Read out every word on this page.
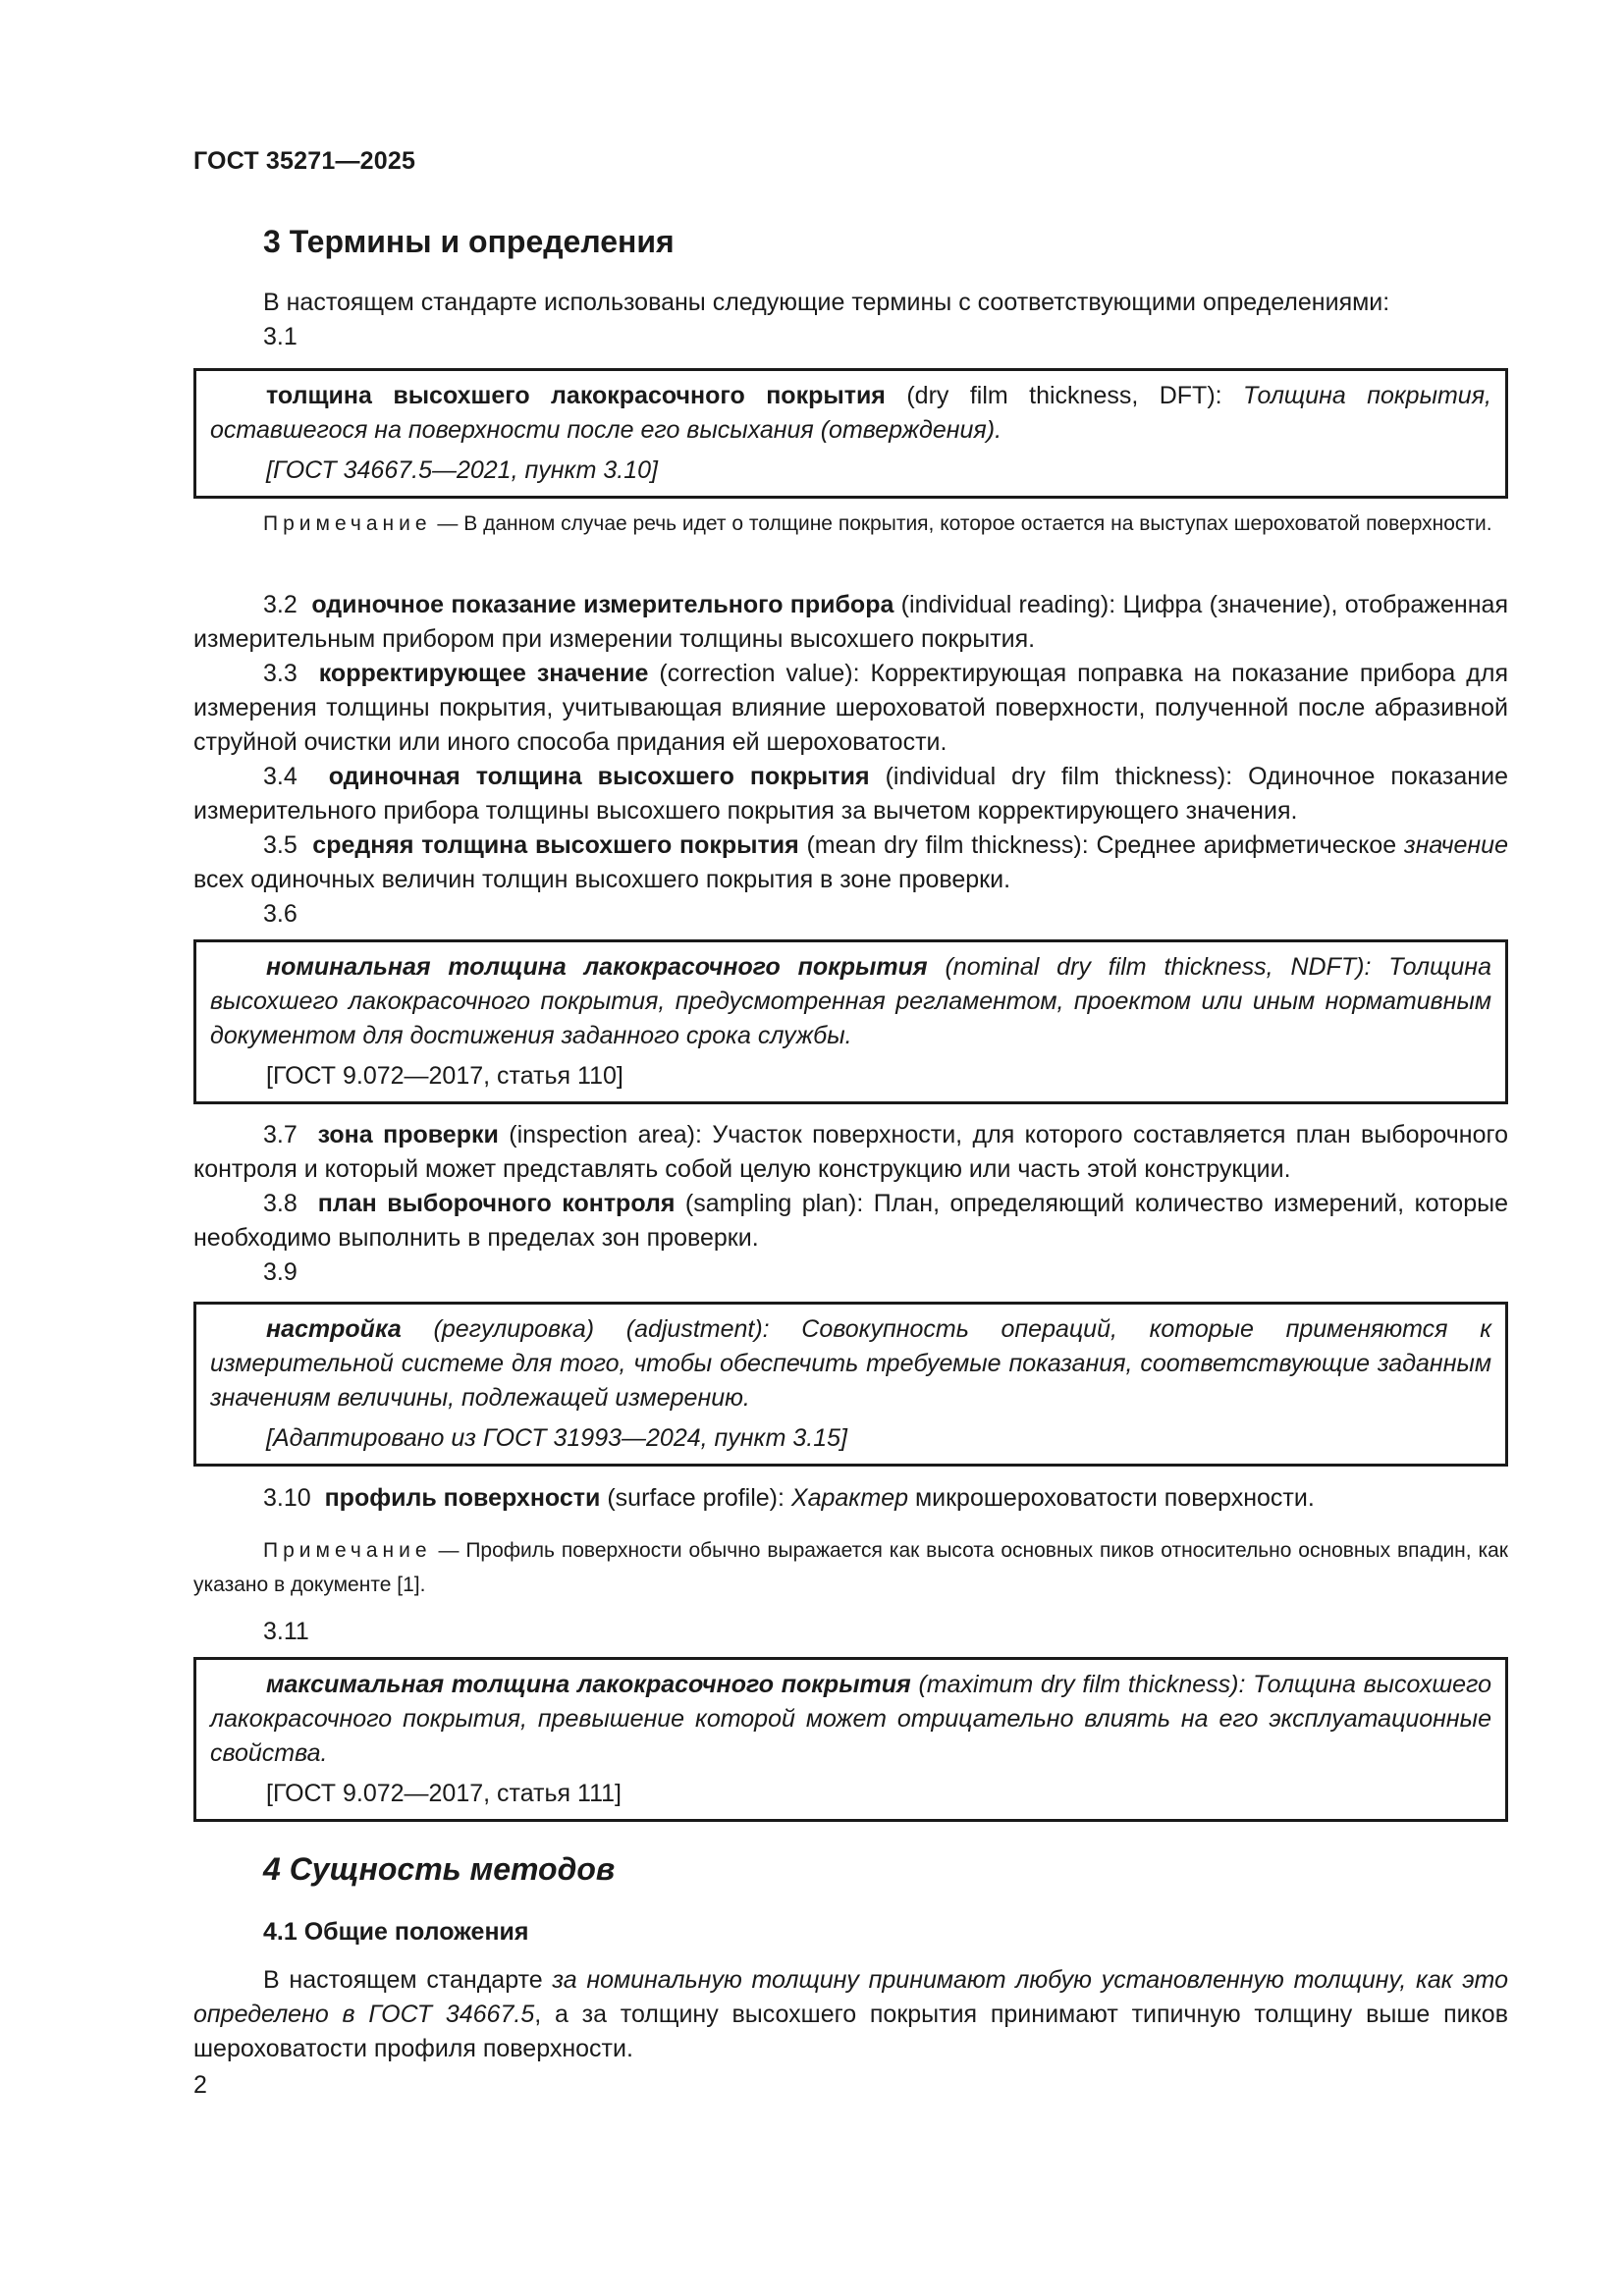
ГОСТ 35271—2025
3 Термины и определения
В настоящем стандарте использованы следующие термины с соответствующими определениями:
3.1
толщина высохшего лакокрасочного покрытия (dry film thickness, DFT): Толщина покрытия, оставшегося на поверхности после его высыхания (отверждения).
[ГОСТ 34667.5—2021, пункт 3.10]
Примечание — В данном случае речь идет о толщине покрытия, которое остается на выступах шероховатой поверхности.
3.2 одиночное показание измерительного прибора (individual reading): Цифра (значение), отображенная измерительным прибором при измерении толщины высохшего покрытия.
3.3 корректирующее значение (correction value): Корректирующая поправка на показание прибора для измерения толщины покрытия, учитывающая влияние шероховатой поверхности, полученной после абразивной струйной очистки или иного способа придания ей шероховатости.
3.4 одиночная толщина высохшего покрытия (individual dry film thickness): Одиночное показание измерительного прибора толщины высохшего покрытия за вычетом корректирующего значения.
3.5 средняя толщина высохшего покрытия (mean dry film thickness): Среднее арифметическое значение всех одиночных величин толщин высохшего покрытия в зоне проверки.
3.6
номинальная толщина лакокрасочного покрытия (nominal dry film thickness, NDFT): Толщина высохшего лакокрасочного покрытия, предусмотренная регламентом, проектом или иным нормативным документом для достижения заданного срока службы.
[ГОСТ 9.072—2017, статья 110]
3.7 зона проверки (inspection area): Участок поверхности, для которого составляется план выборочного контроля и который может представлять собой целую конструкцию или часть этой конструкции.
3.8 план выборочного контроля (sampling plan): План, определяющий количество измерений, которые необходимо выполнить в пределах зон проверки.
3.9
настройка (регулировка) (adjustment): Совокупность операций, которые применяются к измерительной системе для того, чтобы обеспечить требуемые показания, соответствующие заданным значениям величины, подлежащей измерению.
[Адаптировано из ГОСТ 31993—2024, пункт 3.15]
3.10 профиль поверхности (surface profile): Характер микрошероховатости поверхности.
Примечание — Профиль поверхности обычно выражается как высота основных пиков относительно основных впадин, как указано в документе [1].
3.11
максимальная толщина лакокрасочного покрытия (maximum dry film thickness): Толщина высохшего лакокрасочного покрытия, превышение которой может отрицательно влиять на его эксплуатационные свойства.
[ГОСТ 9.072—2017, статья 111]
4 Сущность методов
4.1 Общие положения
В настоящем стандарте за номинальную толщину принимают любую установленную толщину, как это определено в ГОСТ 34667.5, а за толщину высохшего покрытия принимают типичную толщину выше пиков шероховатости профиля поверхности.
2
